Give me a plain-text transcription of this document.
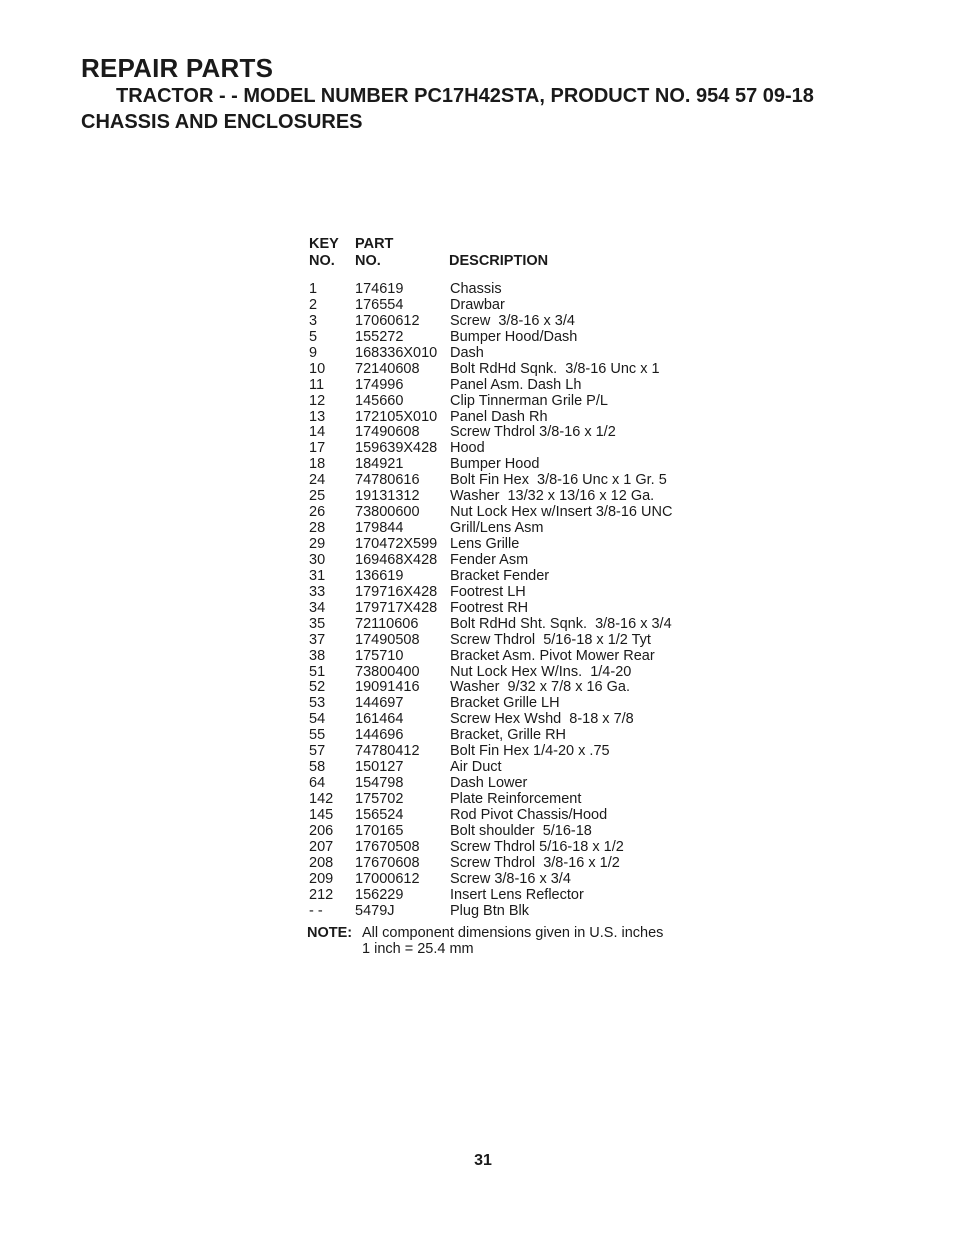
REPAIR PARTS
TRACTOR - - MODEL NUMBER PC17H42STA, PRODUCT NO. 954 57 09-18
CHASSIS AND ENCLOSURES
KEY	PART
NO.	NO.	DESCRIPTION
1	174619	Chassis
2	176554	Drawbar
3	17060612	Screw  3/8-16 x 3/4
5	155272	Bumper Hood/Dash
9	168336X010 Dash
10	72140608	Bolt RdHd Sqnk.  3/8-16 Unc x 1
11	174996	Panel Asm. Dash Lh
12	145660	Clip Tinnerman Grile P/L
13	172105X010 Panel Dash Rh
14	17490608	Screw Thdrol 3/8-16 x 1/2
17	159639X428 Hood
18	184921	Bumper Hood
24	74780616	Bolt Fin Hex  3/8-16 Unc x 1 Gr. 5
25	19131312	Washer  13/32 x 13/16 x 12 Ga.
26	73800600	Nut Lock Hex w/Insert 3/8-16 UNC
28	179844	Grill/Lens Asm
29	170472X599 Lens Grille
30	169468X428 Fender Asm
31	136619	Bracket Fender
33	179716X428 Footrest LH
34	179717X428 Footrest RH
35	72110606	Bolt RdHd Sht. Sqnk.  3/8-16 x 3/4
37	17490508	Screw Thdrol  5/16-18 x 1/2 Tyt
38	175710	Bracket Asm. Pivot Mower Rear
51	73800400	Nut Lock Hex W/Ins.  1/4-20
52	19091416	Washer  9/32 x 7/8 x 16 Ga.
53	144697	Bracket Grille LH
54	161464	Screw Hex Wshd  8-18 x 7/8
55	144696	Bracket, Grille RH
57	74780412	Bolt Fin Hex 1/4-20 x .75
58	150127	Air Duct
64	154798	Dash Lower
142	175702	Plate Reinforcement
145	156524	Rod Pivot Chassis/Hood
206	170165	Bolt shoulder  5/16-18
207	17670508	Screw Thdrol 5/16-18 x 1/2
208	17670608	Screw Thdrol  3/8-16 x 1/2
209	17000612	Screw 3/8-16 x 3/4
212	156229	Insert Lens Reflector
- -	5479J	Plug Btn Blk
NOTE: All component dimensions given in U.S. inches
1 inch = 25.4 mm
31
